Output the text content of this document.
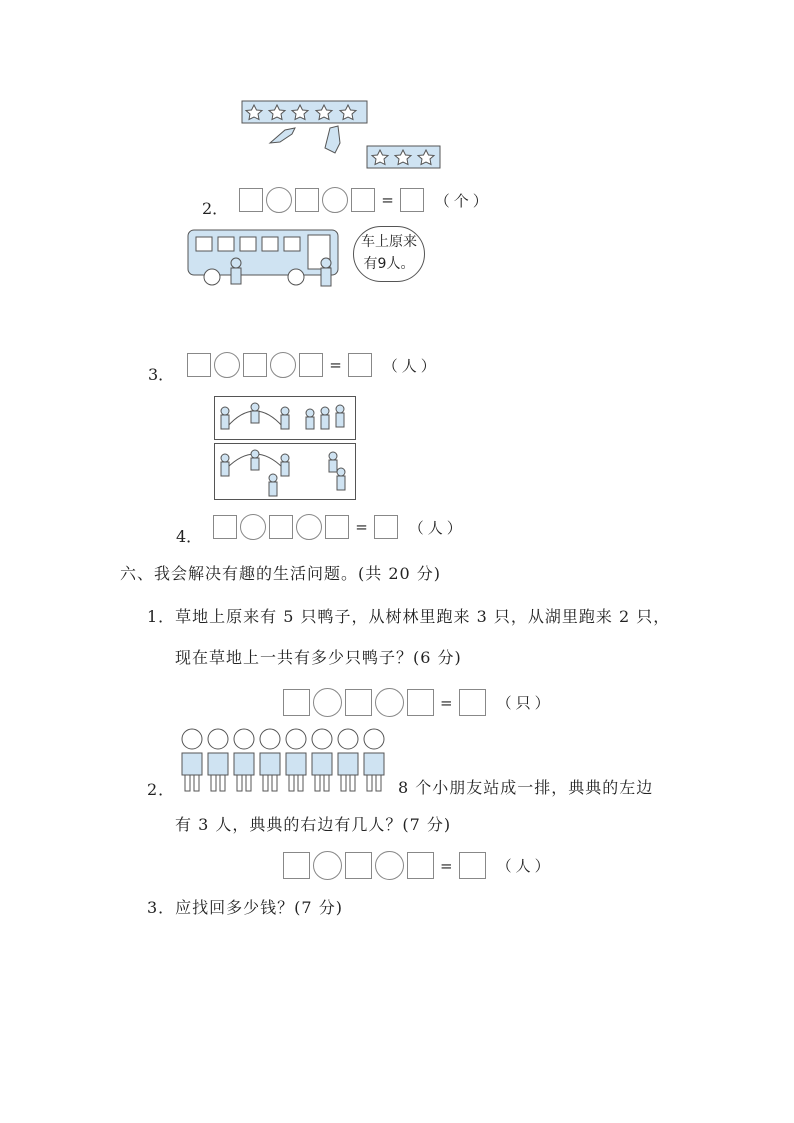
2．	=	（个）
车上原来
有9人。
3．	=	（人）
4．	=	（人）
六、我会解决有趣的生活问题。(共 20 分)
1．草地上原来有 5 只鸭子，从树林里跑来 3 只，从湖里跑来 2 只，
现在草地上一共有多少只鸭子？(6 分)
=	（只）
2．	8 个小朋友站成一排，典典的左边
有 3 人，典典的右边有几人？(7 分)
=	（人）
3．应找回多少钱？(7 分)
